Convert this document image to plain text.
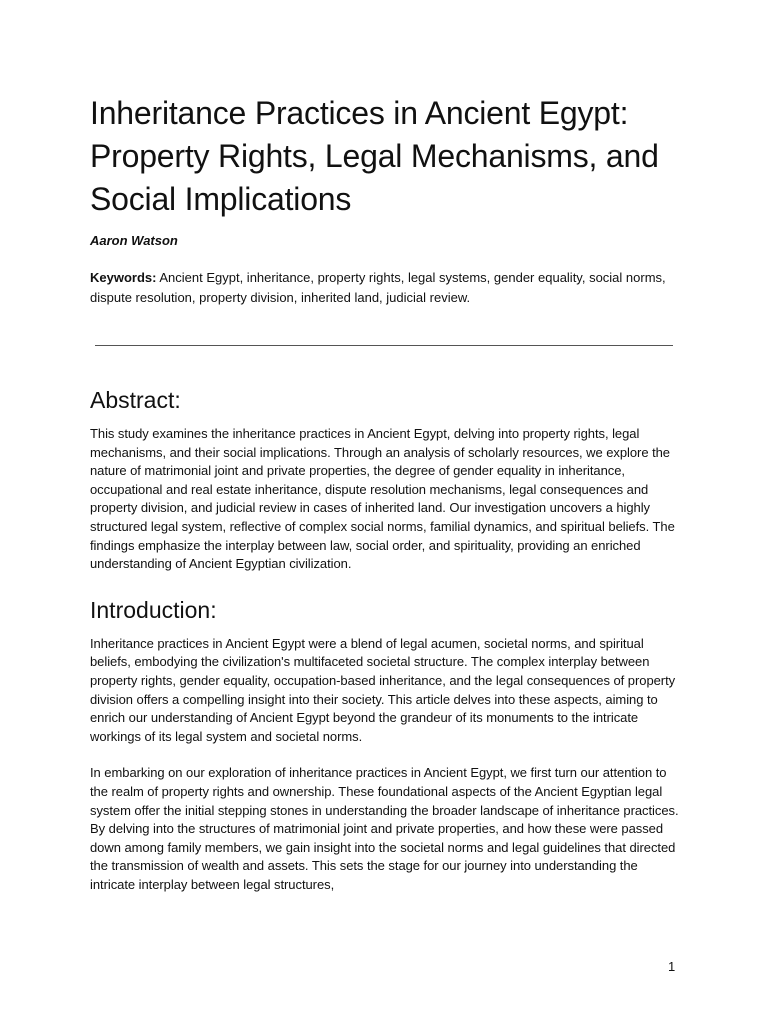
Inheritance Practices in Ancient Egypt: Property Rights, Legal Mechanisms, and Social Implications
Aaron Watson

Keywords: Ancient Egypt, inheritance, property rights, legal systems, gender equality, social norms, dispute resolution, property division, inherited land, judicial review.

Abstract:

This study examines the inheritance practices in Ancient Egypt, delving into property rights, legal mechanisms, and their social implications. Through an analysis of scholarly resources, we explore the nature of matrimonial joint and private properties, the degree of gender equality in inheritance, occupational and real estate inheritance, dispute resolution mechanisms, legal consequences and property division, and judicial review in cases of inherited land. Our investigation uncovers a highly structured legal system, reflective of complex social norms, familial dynamics, and spiritual beliefs. The findings emphasize the interplay between law, social order, and spirituality, providing an enriched understanding of Ancient Egyptian civilization.

Introduction:

Inheritance practices in Ancient Egypt were a blend of legal acumen, societal norms, and spiritual beliefs, embodying the civilization's multifaceted societal structure. The complex interplay between property rights, gender equality, occupation-based inheritance, and the legal consequences of property division offers a compelling insight into their society. This article delves into these aspects, aiming to enrich our understanding of Ancient Egypt beyond the grandeur of its monuments to the intricate workings of its legal system and societal norms.

In embarking on our exploration of inheritance practices in Ancient Egypt, we first turn our attention to the realm of property rights and ownership. These foundational aspects of the Ancient Egyptian legal system offer the initial stepping stones in understanding the broader landscape of inheritance practices. By delving into the structures of matrimonial joint and private properties, and how these were passed down among family members, we gain insight into the societal norms and legal guidelines that directed the transmission of wealth and assets. This sets the stage for our journey into understanding the intricate interplay between legal structures,

1
